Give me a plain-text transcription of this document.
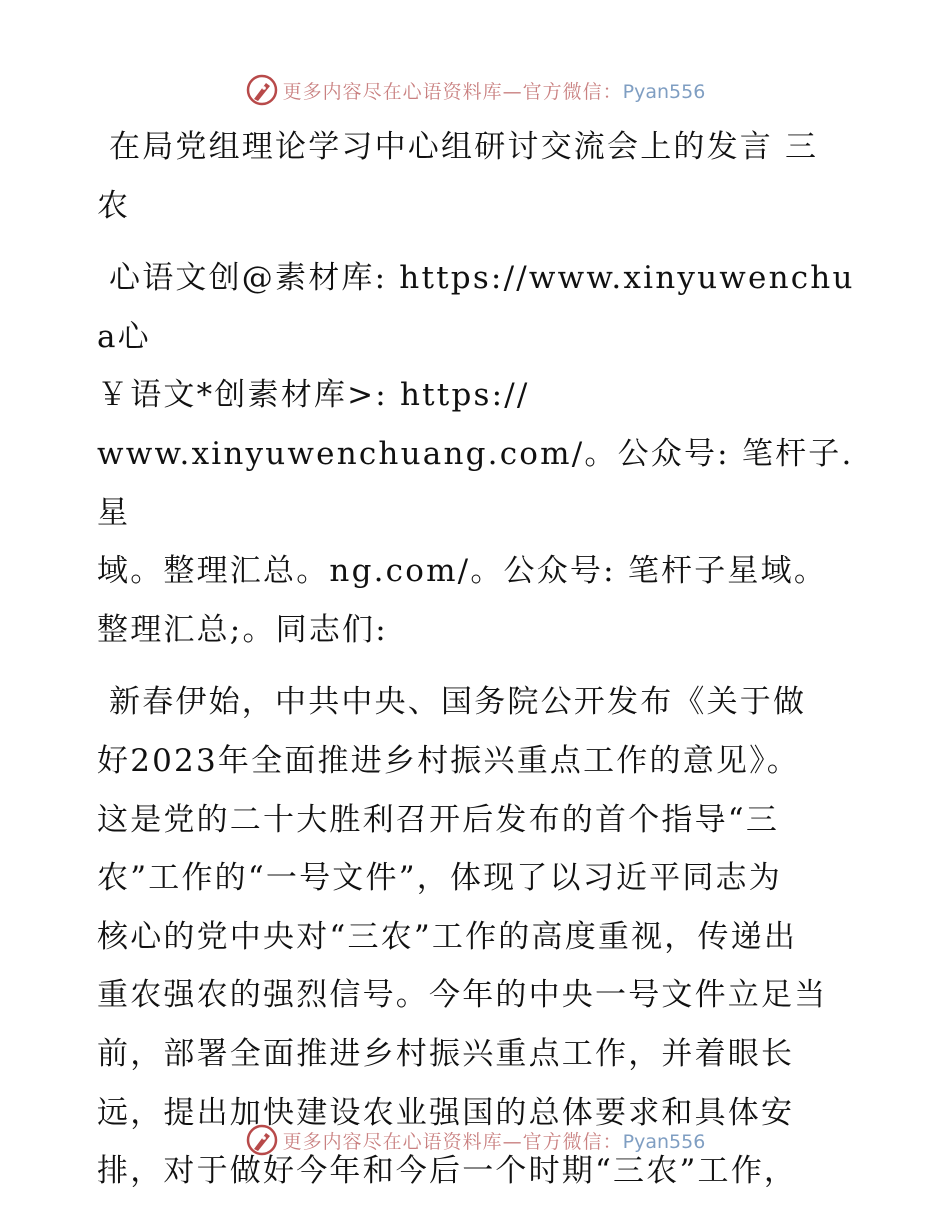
更多内容尽在心语资料库—官方微信：Pyan556

在局党组理论学习中心组研讨交流会上的发言 三
农

心语文创@素材库: https://www.xinyuwenchua心
￥语文*创素材库>: https://
www.xinyuwenchuang.com/。公众号: 笔杆子.星
域。整理汇总。ng.com/。公众号: 笔杆子星域。
整理汇总;。同志们:

新春伊始，中共中央、国务院公开发布《关于做
好2023年全面推进乡村振兴重点工作的意见》。
这是党的二十大胜利召开后发布的首个指导“三
农”工作的“一号文件”，体现了以习近平同志为
核心的党中央对“三农”工作的高度重视，传递出
重农强农的强烈信号。今年的中央一号文件立足当
前，部署全面推进乡村振兴重点工作，并着眼长
远，提出加快建设农业强国的总体要求和具体安
排，对于做好今年和今后一个时期“三农”工作，

更多内容尽在心语资料库—官方微信：Pyan556
